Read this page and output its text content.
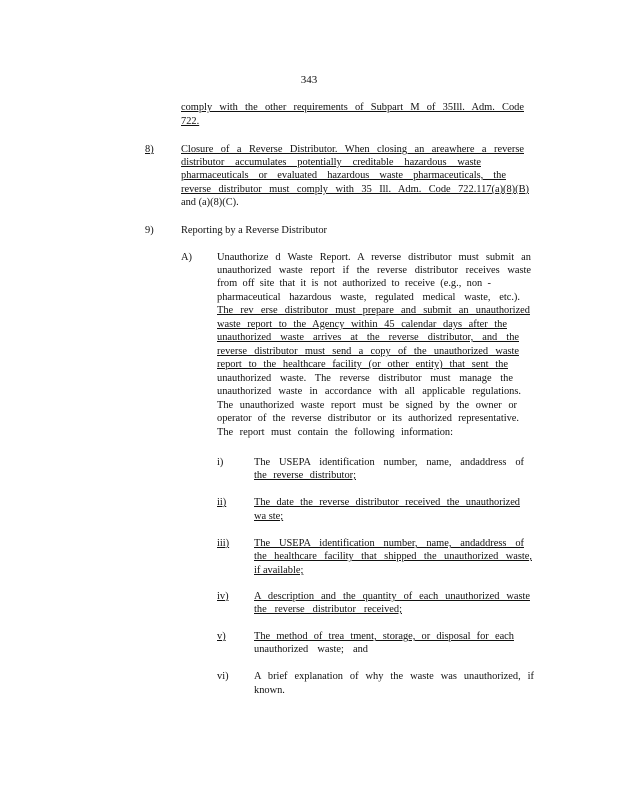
343
comply with the other requirements of Subpart M of 35Ill. Adm. Code
722.
8)	Closure of a Reverse Distributor. When closing an areawhere a reverse
distributor accumulates potentially creditable hazardous waste
pharmaceuticals or evaluated hazardous waste pharmaceuticals, the
reverse distributor must comply with 35 Ill. Adm. Code 722.117(a)(8)(B)
and (a)(8)(C).
9)	Reporting by a Reverse Distributor
A) Unauthorize d Waste Report. A reverse distributor must submit an
unauthorized waste report if the reverse distributor receives waste
from off site that it is not authorized to receive (e.g., non -
pharmaceutical hazardous waste, regulated medical waste, etc.).
The rev erse distributor must prepare and submit an unauthorized
waste report to the Agency within 45 calendar days after the
unauthorized waste arrives at the reverse distributor, and the
reverse distributor must send a copy of the unauthorized waste
report to the healthcare facility (or other entity) that sent the
unauthorized waste. The reverse distributor must manage the
unauthorized waste in accordance with all applicable regulations.
The unauthorized waste report must be signed by the owner or
operator of the reverse distributor or its authorized representative.
The report must contain the following information:
i)	The USEPA identification number, name, andaddress of
the reverse distributor;
ii)	The date the reverse distributor received the unauthorized
wa ste;
iii) The USEPA identification number, name, andaddress of
the healthcare facility that shipped the unauthorized waste,
if available;
iv) A description and the quantity of each unauthorized waste
the reverse distributor received;
v)	The method of trea tment, storage, or disposal for each
unauthorized waste; and
vi) A brief explanation of why the waste was unauthorized, if
known.
